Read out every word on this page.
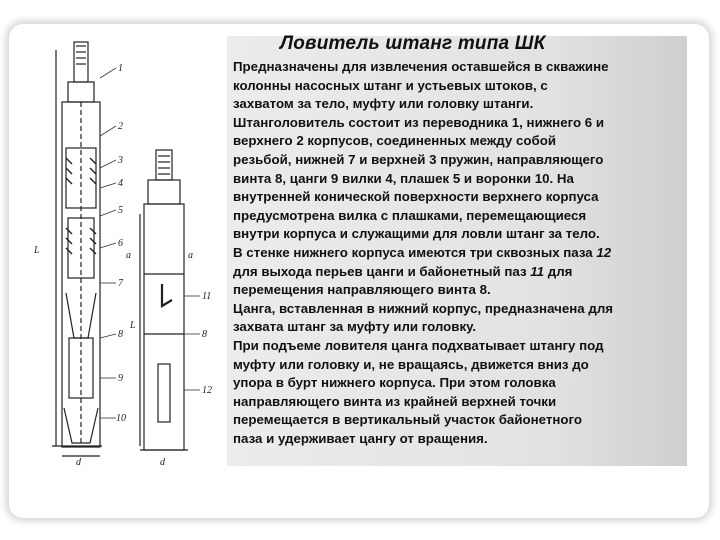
Ловитель штанг типа ШК
1
2
3
4
5
6
7
8
9
10
L	a
d
11
8
12
L
a
d
Предназначены для извлечения оставшейся в скважине
колонны насосных штанг и устьевых штоков, с
захватом за тело, муфту или головку штанги.
Штанголовитель состоит из переводника 1, нижнего 6 и
верхнего 2 корпусов, соединенных между собой
резьбой, нижней 7 и верхней 3 пружин, направляющего
винта 8, цанги 9 вилки 4, плашек 5 и воронки 10. На
внутренней конической поверхности верхнего корпуса
предусмотрена вилка с плашками, перемещающиеся
внутри корпуса и служащими для ловли штанг за тело.
В стенке нижнего корпуса имеются три сквозных паза 12
для выхода перьев цанги и байонетный паз 11 для
перемещения направляющего винта 8.
Цанга, вставленная в нижний корпус, предназначена для
захвата штанг за муфту или головку.
При подъеме ловителя цанга подхватывает штангу под
муфту или головку и, не вращаясь, движется вниз до
упора в бурт нижнего корпуса. При этом головка
направляющего винта из крайней верхней точки
перемещается в вертикальный участок байонетного
паза и удерживает цангу от вращения.
